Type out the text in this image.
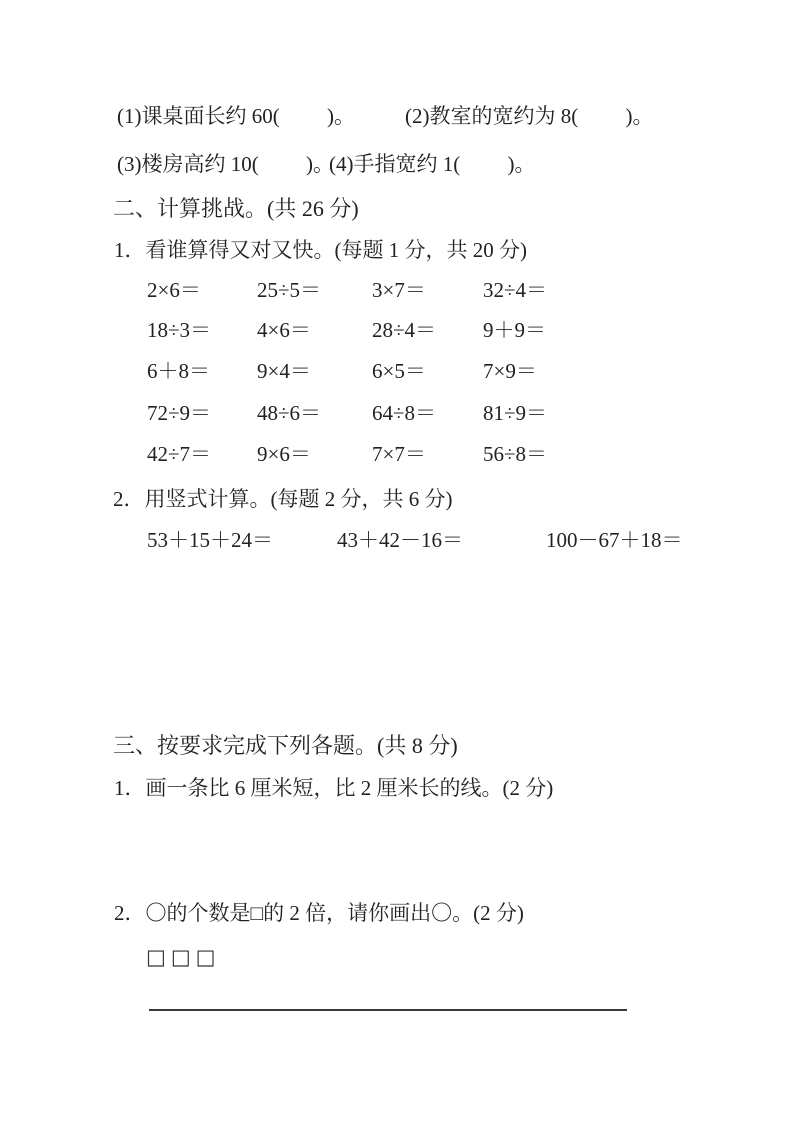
(1)课桌面长约 60(         )。 (2)教室的宽约为 8(         )。
(3)楼房高约 10(         )。
(4)手指宽约 1(         )。
二、计算挑战。(共 26 分)
1．看谁算得又对又快。(每题 1 分，共 20 分)
2×6＝	25÷5＝ 3×7＝	32÷4＝
18÷3＝ 4×6＝	28÷4＝ 9＋9＝
6＋8＝ 9×4＝	6×5＝	7×9＝
72÷9＝ 48÷6＝ 64÷8＝ 81÷9＝
42÷7＝ 9×6＝	7×7＝	56÷8＝
2．用竖式计算。(每题 2 分，共 6 分)
53＋15＋24＝	43＋42－16＝	100－67＋18＝
三、按要求完成下列各题。(共 8 分)
1．画一条比 6 厘米短，比 2 厘米长的线。(2 分)
2．〇的个数是□的 2 倍，请你画出〇。(2 分)
□□□
